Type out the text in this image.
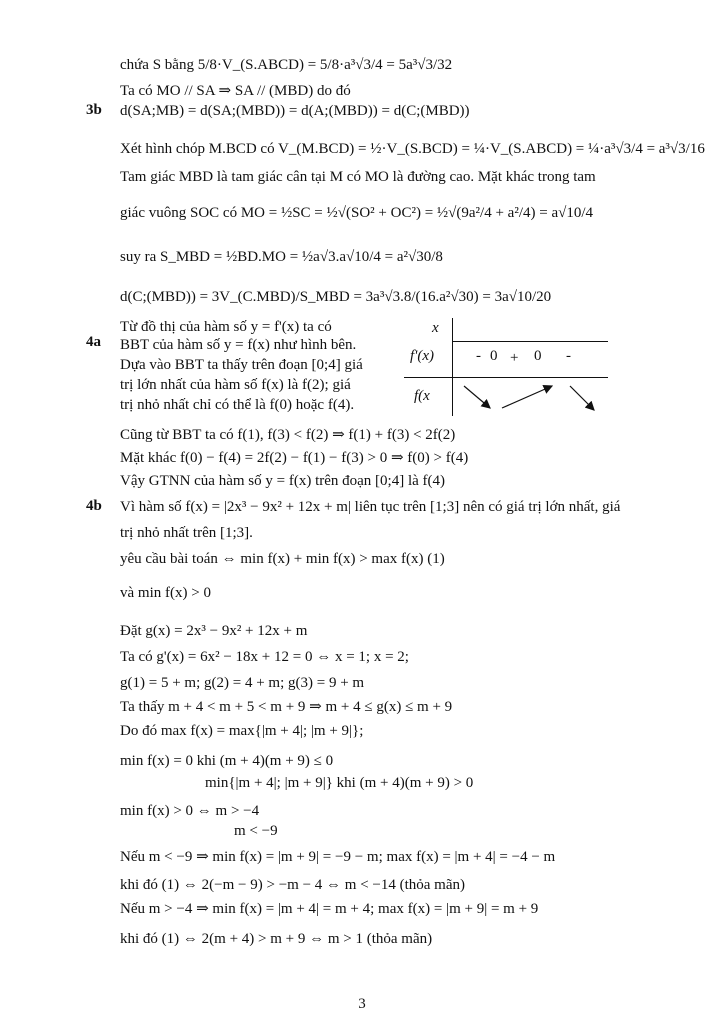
3b
4a
4b
chứa S bằng 5/8·V_(S.ABCD) = 5/8·a³√3/4 = 5a³√3/32
Ta có MO // SA ⇒ SA // (MBD) do đó
d(SA;MB) = d(SA;(MBD)) = d(A;(MBD)) = d(C;(MBD))
Xét hình chóp M.BCD có V_(M.BCD) = ½·V_(S.BCD) = ¼·V_(S.ABCD) = ¼·a³√3/4 = a³√3/16
Tam giác MBD là tam giác cân tại M có MO là đường cao. Mặt khác trong tam
giác vuông SOC có MO = ½SC = ½√(SO² + OC²) = ½√(9a²/4 + a²/4) = a√10/4
suy ra S_MBD = ½BD.MO = ½a√3.a√10/4 = a²√30/8
d(C;(MBD)) = 3V_(C.MBD)/S_MBD = 3a³√3.8/(16.a²√30) = 3a√10/20
Từ đồ thị của hàm số y = f'(x) ta có
BBT của hàm số y = f(x) như hình bên.
Dựa vào BBT ta thấy trên đoạn [0;4] giá
trị lớn nhất của hàm số f(x) là f(2); giá
trị nhỏ nhất chỉ có thể là f(0) hoặc f(4).
Cũng từ BBT ta có f(1), f(3) < f(2) ⇒ f(1) + f(3) < 2f(2)
Mặt khác f(0) − f(4) = 2f(2) − f(1) − f(3) > 0 ⇒ f(0) > f(4)
Vậy GTNN của hàm số y = f(x) trên đoạn [0;4] là f(4)
Vì hàm số f(x) = |2x³ − 9x² + 12x + m| liên tục trên [1;3] nên có giá trị lớn nhất, giá
trị nhỏ nhất trên [1;3].
yêu cầu bài toán ⇔ min f(x) + min f(x) > max f(x) (1)
và min f(x) > 0
Đặt g(x) = 2x³ − 9x² + 12x + m
Ta có g'(x) = 6x² − 18x + 12 = 0 ⇔ x = 1; x = 2;
g(1) = 5 + m; g(2) = 4 + m; g(3) = 9 + m
Ta thấy m + 4 < m + 5 < m + 9 ⇒ m + 4 ≤ g(x) ≤ m + 9
Do đó max f(x) = max{|m + 4|; |m + 9|};
min f(x) = 0 khi (m + 4)(m + 9) ≤ 0
min{|m + 4|; |m + 9|} khi (m + 4)(m + 9) > 0
min f(x) > 0 ⇔ m > −4
m < −9
Nếu m < −9 ⇒ min f(x) = |m + 9| = −9 − m; max f(x) = |m + 4| = −4 − m
khi đó (1) ⇔ 2(−m − 9) > −m − 4 ⇔ m < −14 (thỏa mãn)
Nếu m > −4 ⇒ min f(x) = |m + 4| = m + 4; max f(x) = |m + 9| = m + 9
khi đó (1) ⇔ 2(m + 4) > m + 9 ⇔ m > 1 (thỏa mãn)
x
f'(x)
f(x
- 0 + 0 -
3
